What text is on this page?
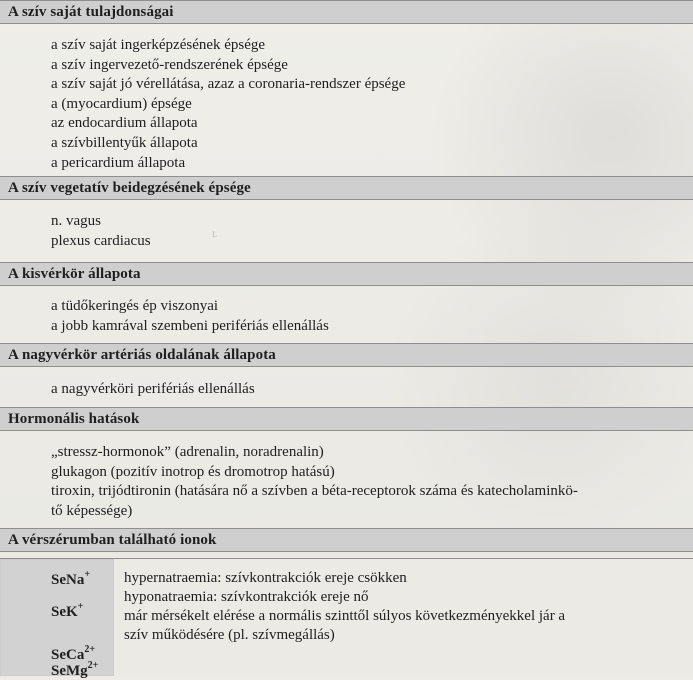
A szív saját tulajdonságai
a szív saját ingerképzésének épsége
a szív ingervezető-rendszerének épsége
a szív saját jó vérellátása, azaz a coronaria-rendszer épsége
a (myocardium) épsége
az endocardium állapota
a szívbillentyűk állapota
a pericardium állapota
A szív vegetatív beidegzésének épsége
n. vagus
plexus cardiacus
A kisvérkör állapota
a tüdőkeringés ép viszonyai
a jobb kamrával szembeni perifériás ellenállás
A nagyvérkör artériás oldalának állapota
a nagyvérköri perifériás ellenállás
Hormonális hatások
„stressz-hormonok” (adrenalin, noradrenalin)
glukagon (pozitív inotrop és dromotrop hatású)
tiroxin, trijódtironin (hatására nő a szívben a béta-receptorok száma és katecholaminkö-
tő képessége)
A vérszérumban található ionok
SeNa+
SeK+
SeCa$^{2+}$
SeMg$^{2+}$
hypernatraemia: szívkontrakciók ereje csökken
hyponatraemia: szívkontrakciók ereje nő
már mérsékelt elérése a normális szinttől súlyos következményekkel jár a
szív működésére (pl. szívmegállás)
ʟ
